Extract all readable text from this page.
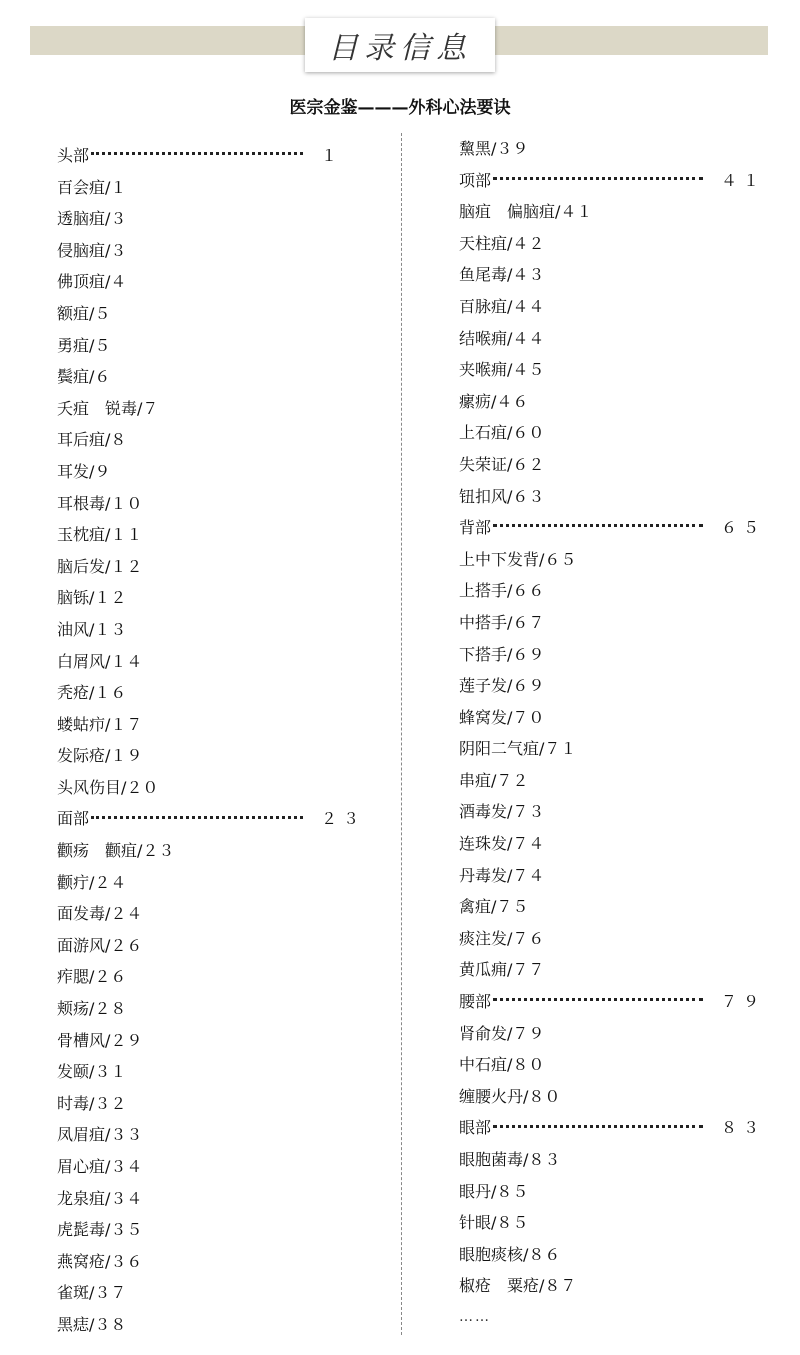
目录信息
医宗金鉴———外科心法要诀
头部	１
百会疽/１
透脑疽/３
侵脑疽/３
佛顶疽/４
额疽/５
勇疽/５
鬓疽/６
夭疽　锐毒/７
耳后疽/８
耳发/９
耳根毒/１０
玉枕疽/１１
脑后发/１２
脑铄/１２
油风/１３
白屑风/１４
秃疮/１６
蝼蛄疖/１７
发际疮/１９
头风伤目/２０
面部	２３
颧疡　颧疽/２３
颧疔/２４
面发毒/２４
面游风/２６
痄腮/２６
颊疡/２８
骨槽风/２９
发颐/３１
时毒/３２
凤眉疽/３３
眉心疽/３４
龙泉疽/３４
虎髭毒/３５
燕窝疮/３６
雀斑/３７
黑痣/３８
黧黑/３９
项部	４１
脑疽　偏脑疽/４１
天柱疽/４２
鱼尾毒/４３
百脉疽/４４
结喉痈/４４
夹喉痈/４５
瘰疬/４６
上石疽/６０
失荣证/６２
钮扣风/６３
背部	６５
上中下发背/６５
上搭手/６６
中搭手/６７
下搭手/６９
莲子发/６９
蜂窝发/７０
阴阳二气疽/７１
串疽/７２
酒毒发/７３
连珠发/７４
丹毒发/７４
禽疽/７５
痰注发/７６
黄瓜痈/７７
腰部	７９
肾俞发/７９
中石疽/８０
缠腰火丹/８０
眼部	８３
眼胞菌毒/８３
眼丹/８５
针眼/８５
眼胞痰核/８６
椒疮　粟疮/８７
……
